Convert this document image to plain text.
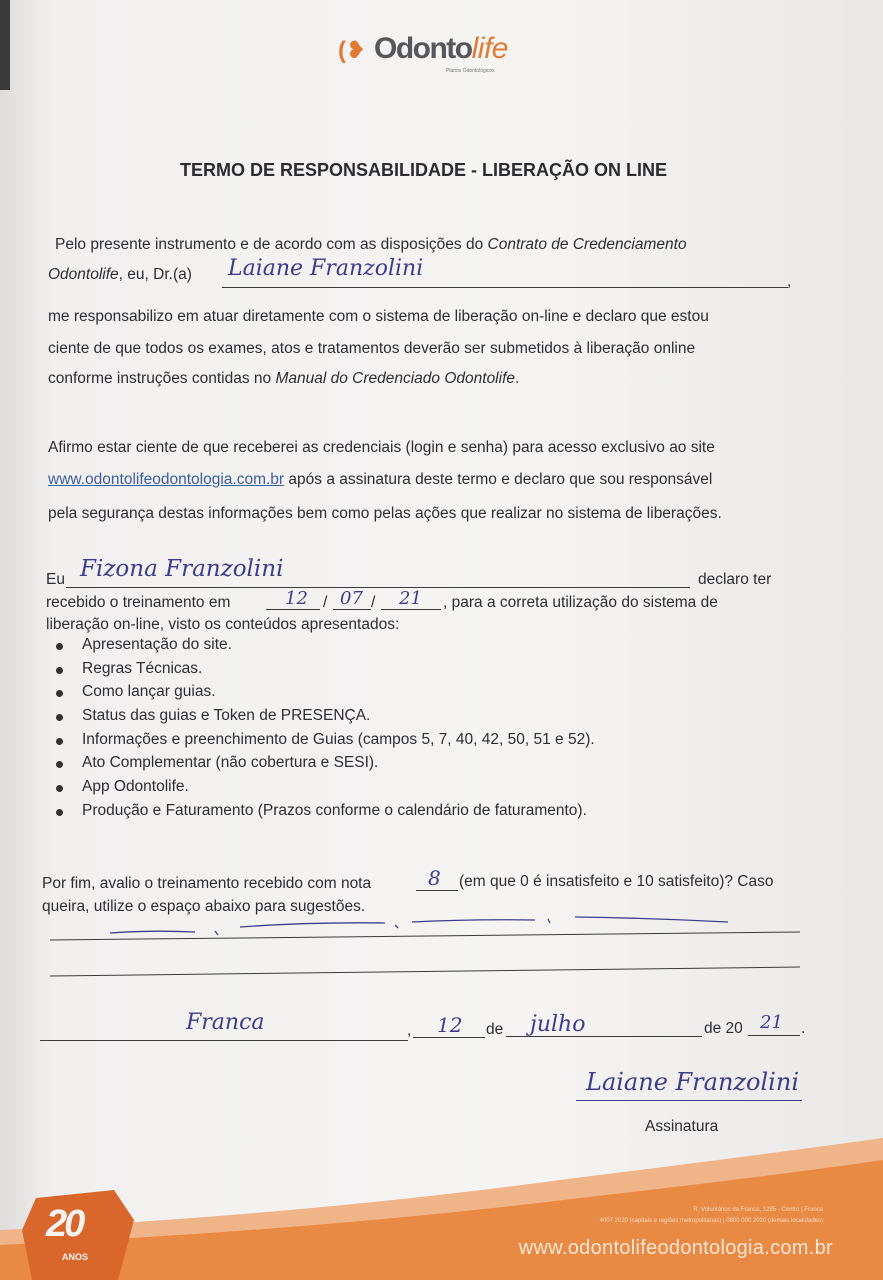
(❥ Odontolife
Planos Odontológicos
TERMO DE RESPONSABILIDADE - LIBERAÇÃO ON LINE
Pelo presente instrumento e de acordo com as disposições do Contrato de Credenciamento
Odontolife, eu, Dr.(a)	,
Laiane Franzolini
me responsabilizo em atuar diretamente com o sistema de liberação on-line e declaro que estou
ciente de que todos os exames, atos e tratamentos deverão ser submetidos à liberação online
conforme instruções contidas no Manual do Credenciado Odontolife.
Afirmo estar ciente de que receberei as credenciais (login e senha) para acesso exclusivo ao site
www.odontolifeodontologia.com.br após a assinatura deste termo e declaro que sou responsável
pela segurança destas informações bem como pelas ações que realizar no sistema de liberações.
Eu Fizona Franzolini	declaro ter
recebido o treinamento em	/	/
12 07 21 , para a correta utilização do sistema de
liberação on-line, visto os conteúdos apresentados:
Apresentação do site.
Regras Técnicas.
Como lançar guias.
Status das guias e Token de PRESENÇA.
Informações e preenchimento de Guias (campos 5, 7, 40, 42, 50, 51 e 52).
Ato Complementar (não cobertura e SESI).
App Odontolife.
Produção e Faturamento (Prazos conforme o calendário de faturamento).
Por fim, avalio o treinamento recebido com nota	8 (em que 0 é insatisfeito e 10 satisfeito)? Caso
queira, utilize o espaço abaixo para sugestões.
Franca	, 12 de julho	de 20 21 .
Laiane Franzolini
Assinatura
20
ANOS
R. Voluntários da Franca, 1285 - Centro | Franca
4007 2020 (capitais e regiões metropolitanas) | 0800 000 2020 (demais localidades)
www.odontolifeodontologia.com.br
